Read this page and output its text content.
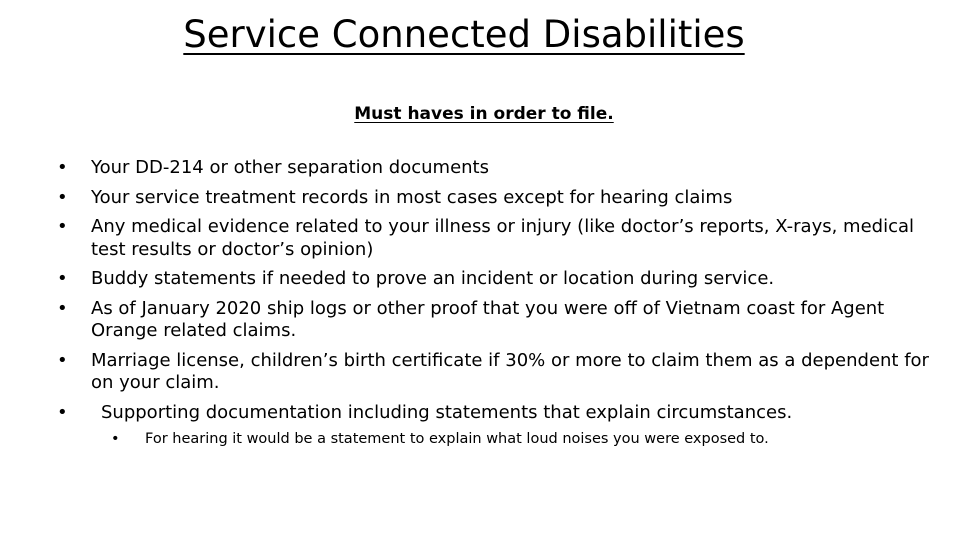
Service Connected Disabilities
Must haves in order to file.
• Your DD-214 or other separation documents
• Your service treatment records in most cases except for hearing claims
• Any medical evidence related to your illness or injury (like doctor’s reports, X-rays, medical test results or doctor’s opinion)
• Buddy statements if needed to prove an incident or location during service.
• As of January 2020 ship logs or other proof that you were off of Vietnam coast for Agent Orange related claims.
• Marriage license, children’s birth certificate if 30% or more to claim them as a dependent for on your claim.
•	Supporting documentation including statements that explain circumstances.
•	For hearing it would be a statement to explain what loud noises you were exposed to.
